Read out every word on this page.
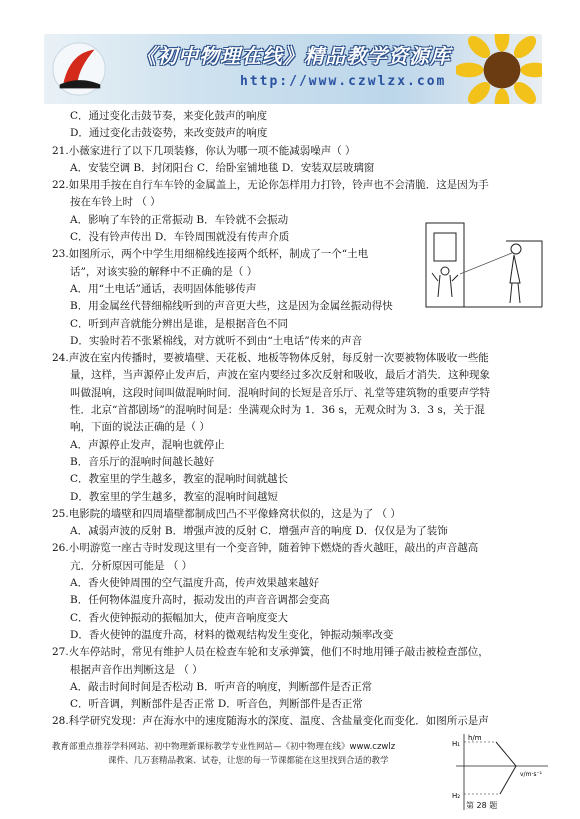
《初中物理在线》精品教学资源库
http://www.czwlzx.com
C．通过变化击鼓节奏，来变化鼓声的响度
D．通过变化击鼓姿势，来改变鼓声的响度
21.小薇家进行了以下几项装修，你认为哪一项不能减弱噪声（ ）
A．安装空调 B．封闭阳台 C．给卧室铺地毯 D．安装双层玻璃窗
22.如果用手按在自行车车铃的金属盖上，无论你怎样用力打铃，铃声也不会清脆．这是因为手
按在车铃上时 （ ）
A．影响了车铃的正常振动 B．车铃就不会振动
C．没有铃声传出 D．车铃周围就没有传声介质
23.如图所示，两个中学生用细棉线连接两个纸杯，制成了一个“土电
话”，对该实验的解释中不正确的是（ ）
A．用“土电话”通话，表明固体能够传声
B．用金属丝代替细棉线听到的声音更大些，这是因为金属丝振动得快
C．听到声音就能分辨出是谁，是根据音色不同
D．实验时若不张紧棉线，对方就听不到由“土电话”传来的声音
24.声波在室内传播时，要被墙壁、天花板、地板等物体反射，每反射一次要被物体吸收一些能
量，这样，当声源停止发声后，声波在室内要经过多次反射和吸收，最后才消失．这种现象
叫做混响，这段时间叫做混响时间．混响时间的长短是音乐厅、礼堂等建筑物的重要声学特
性．北京“首都剧场”的混响时间是：坐满观众时为 1．36 s，无观众时为 3．3 s，关于混
响，下面的说法正确的是（ ）
A．声源停止发声，混响也就停止
B．音乐厅的混响时间越长越好
C．教室里的学生越多，教室的混响时间就越长
D．教室里的学生越多，教室的混响时间越短
25.电影院的墙壁和四周墙壁都制成凹凸不平像蜂窝状似的，这是为了 （ ）
A．减弱声波的反射 B．增强声波的反射 C．增强声音的响度 D．仅仅是为了装饰
26.小明游览一座古寺时发现这里有一个变音钟，随着钟下燃烧的香火越旺，敲出的声音越高
亢．分析原因可能是 （ ）
A．香火使钟周围的空气温度升高，传声效果越来越好
B．任何物体温度升高时，振动发出的声音音调都会变高
C．香火使钟振动的振幅加大，使声音响度变大
D．香火使钟的温度升高，材料的微观结构发生变化，钟振动频率改变
27.火车停站时，常见有维护人员在检查车轮和支承弹簧，他们不时地用锤子敲击被检查部位，
根据声音作出判断这是 （ ）
A．敲击时间时间是否松动 B．听声音的响度，判断部件是否正常
C．听音调，判断部件是否正常 D．听音色，判断部件是否正常
28.科学研究发现：声在海水中的速度随海水的深度、温度、含盐量变化而变化．如图所示是声
h/m
v/m·s⁻¹
H₁
H₂
第 28 题
教育部重点推荐学科网站、初中物理新课标教学专业性网站—《初中物理在线》www.czwlz
课件、几万套精品教案、试卷，让您的每一节课都能在这里找到合适的教学
